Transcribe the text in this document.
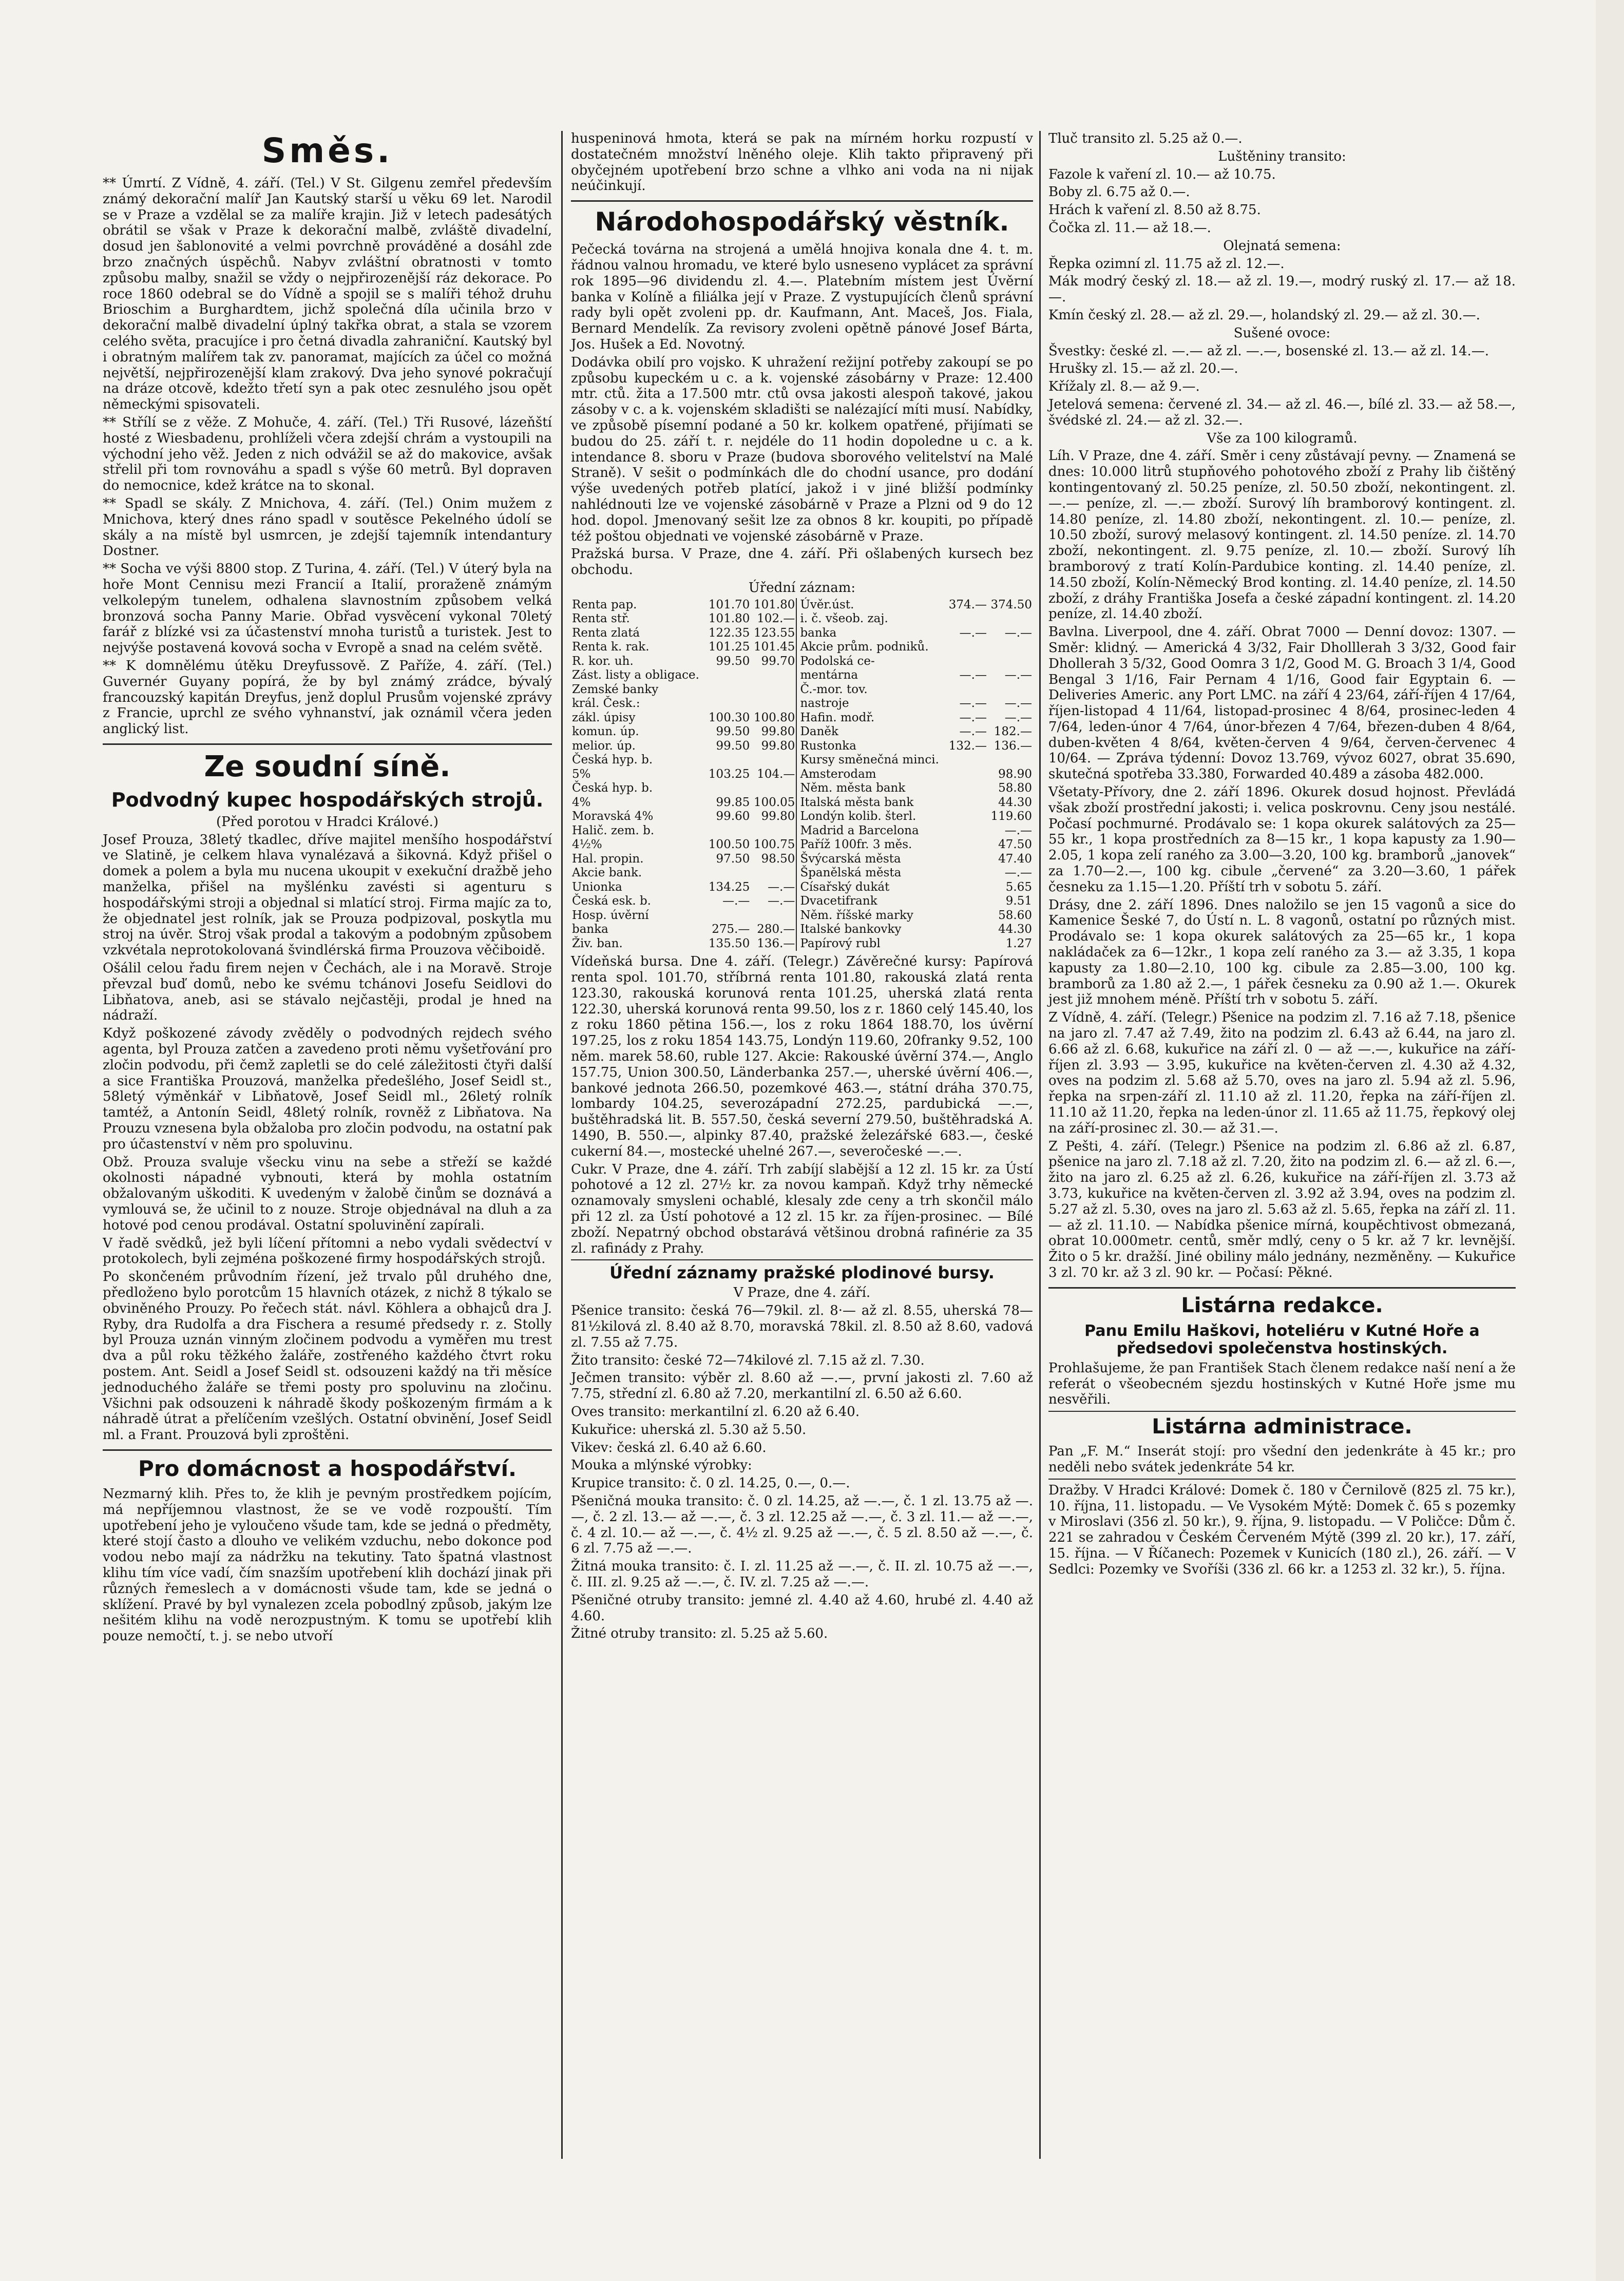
Směs.

** Úmrtí. Z Vídně, 4. září. (Tel.) V St. Gilgenu zemřel především známý dekorační malíř Jan Kautský starší u věku 69 let. Narodil se v Praze a vzdělal se za malíře krajin. Již v letech padesátých obrátil se však v Praze k dekorační malbě, zvláště divadelní, dosud jen šablonovité a velmi povrchně prováděné a dosáhl zde brzo značných úspěchů. Nabyv zvláštní obratnosti v tomto způsobu malby, snažil se vždy o nejpřirozenější ráz dekorace. Po roce 1860 odebral se do Vídně a spojil se s malíři téhož druhu Brioschim a Burghardtem, jichž společná díla učinila brzo v dekorační malbě divadelní úplný takřka obrat, a stala se vzorem celého světa, pracujíce i pro četná divadla zahraniční. Kautský byl i obratným malířem tak zv. panoramat, majících za účel co možná největší, nejpřirozenější klam zrakový. Dva jeho synové pokračují na dráze otcově, kdežto třetí syn a pak otec zesnulého jsou opět německými spisovateli.

** Střílí se z věže. Z Mohuče, 4. září. (Tel.) Tři Rusové, lázeňští hosté z Wiesbadenu, prohlíželi včera zdejší chrám a vystoupili na východní jeho věž. Jeden z nich odvážil se až do makovice, avšak střelil při tom rovnováhu a spadl s výše 60 metrů. Byl dopraven do nemocnice, kdež krátce na to skonal.

** Spadl se skály. Z Mnichova, 4. září. (Tel.) Onim mužem z Mnichova, který dnes ráno spadl v soutěsce Pekelného údolí se skály a na místě byl usmrcen, je zdejší tajemník intendantury Dostner.

** Socha ve výši 8800 stop. Z Turina, 4. září. (Tel.) V úterý byla na hoře Mont Cennisu mezi Francií a Italií, proraženě známým velkolepým tunelem, odhalena slavnostním způsobem velká bronzová socha Panny Marie. Obřad vysvěcení vykonal 70letý farář z blízké vsi za účastenství mnoha turistů a turistek. Jest to nejvýše postavená kovová socha v Evropě a snad na celém světě.

** K domnělému útěku Dreyfussově. Z Paříže, 4. září. (Tel.) Guvernér Guyany popírá, že by byl známý zrádce, bývalý francouzský kapitán Dreyfus, jenž doplul Prusům vojenské zprávy z Francie, uprchl ze svého vyhnanství, jak oznámil včera jeden anglický list.

Ze soudní síně.
Podvodný kupec hospodářských strojů.

(Před porotou v Hradci Králové.)

Josef Prouza, 38letý tkadlec, dříve majitel menšího hospodářství ve Slatině, je celkem hlava vynalézavá a šikovná. Když přišel o domek a polem a byla mu nucena ukoupit v exekuční dražbě jeho manželka, přišel na myšlénku zavésti si agenturu s hospodářskými stroji a objednal si mlatící stroj. Firma majíc za to, že objednatel jest rolník, jak se Prouza podpizoval, poskytla mu stroj na úvěr. Stroj však prodal a takovým a podobným způsobem vzkvétala neprotokolovaná švindlérská firma Prouzova věčiboidě.

Ošálil celou řadu firem nejen v Čechách, ale i na Moravě. Stroje převzal buď domů, nebo ke svému tchánovi Josefu Seidlovi do Libňatova, aneb, asi se stávalo nejčastěji, prodal je hned na nádraží.

Když poškozené závody zvěděly o podvodných rejdech svého agenta, byl Prouza zatčen a zavedeno proti němu vyšetřování pro zločin podvodu, při čemž zapletli se do celé záležitosti čtyři další a sice Františka Prouzová, manželka předešlého, Josef Seidl st., 58letý výměnkář v Libňatově, Josef Seidl ml., 26letý rolník tamtéž, a Antonín Seidl, 48letý rolník, rovněž z Libňatova. Na Prouzu vznesena byla obžaloba pro zločin podvodu, na ostatní pak pro účastenství v něm pro spoluvinu.

Obž. Prouza svaluje všecku vinu na sebe a střeží se každé okolnosti nápadné vybnouti, která by mohla ostatním obžalovaným uškoditi. K uvedeným v žalobě činům se doznává a vymlouvá se, že učinil to z nouze. Stroje objednával na dluh a za hotové pod cenou prodával. Ostatní spoluvinění zapírali.

V řadě svědků, jež byli líčení přítomni a nebo vydali svědectví v protokolech, byli zejména poškozené firmy hospodářských strojů.

Po skončeném průvodním řízení, jež trvalo půl druhého dne, předloženo bylo porotcům 15 hlavních otázek, z nichž 8 týkalo se obviněného Prouzy. Po řečech stát. návl. Köhlera a obhajců dra J. Ryby, dra Rudolfa a dra Fischera a resumé předsedy r. z. Stolly byl Prouza uznán vinným zločinem podvodu a vyměřen mu trest dva a půl roku těžkého žaláře, zostřeného každého čtvrt roku postem. Ant. Seidl a Josef Seidl st. odsouzeni každý na tři měsíce jednoduchého žaláře se třemi posty pro spoluvinu na zločinu. Všichni pak odsouzeni k náhradě škody poškozeným firmám a k náhradě útrat a přelíčením vzešlých. Ostatní obvinění, Josef Seidl ml. a Frant. Prouzová byli zproštěni.

Pro domácnost a hospodářství.

Nezmarný klih. Přes to, že klih je pevným prostředkem pojícím, má nepříjemnou vlastnost, že se ve vodě rozpouští. Tím upotřebení jeho je vyloučeno všude tam, kde se jedná o předměty, které stojí často a dlouho ve velikém vzduchu, nebo dokonce pod vodou nebo mají za nádržku na tekutiny. Tato špatná vlastnost klihu tím více vadí, čím snazším upotřebení klih dochází jinak při různých řemeslech a v domácnosti všude tam, kde se jedná o sklížení. Pravé by byl vynalezen zcela pobodlný způsob, jakým lze nešitém klihu na vodě nerozpustným. K tomu se upotřebí klih pouze nemočtí, t. j. se nebo utvoří

huspeninová hmota, která se pak na mírném horku rozpustí v dostatečném množství lněného oleje. Klih takto připravený při obyčejném upotřebení brzo schne a vlhko ani voda na ni nijak neúčinkují.

Národohospodářský věstník.

Pečecká továrna na strojená a umělá hnojiva konala dne 4. t. m. řádnou valnou hromadu, ve které bylo usneseno vyplácet za správní rok 1895—96 dividendu zl. 4.—. Platebním místem jest Úvěrní banka v Kolíně a filiálka její v Praze. Z vystupujících členů správní rady byli opět zvoleni pp. dr. Kaufmann, Ant. Maceš, Jos. Fiala, Bernard Mendelík. Za revisory zvoleni opětně pánové Josef Bárta, Jos. Hušek a Ed. Novotný.

Dodávka obilí pro vojsko. K uhražení režijní potřeby zakoupí se po způsobu kupeckém u c. a k. vojenské zásobárny v Praze: 12.400 mtr. ctů. žita a 17.500 mtr. ctů ovsa jakosti alespoň takové, jakou zásoby v c. a k. vojenském skladišti se nalézající míti musí. Nabídky, ve způsobě písemní podané a 50 kr. kolkem opatřené, přijímati se budou do 25. září t. r. nejdéle do 11 hodin dopoledne u c. a k. intendance 8. sboru v Praze (budova sborového velitelství na Malé Straně). V sešit o podmínkách dle do chodní usance, pro dodání výše uvedených potřeb platící, jakož i v jiné bližší podmínky nahlédnouti lze ve vojenské zásobárně v Praze a Plzni od 9 do 12 hod. dopol. Jmenovaný sešit lze za obnos 8 kr. koupiti, po případě též poštou objednati ve vojenské zásobárně v Praze.

Pražská bursa. V Praze, dne 4. září. Při ošlabených kursech bez obchodu.

Úřední záznam:

Renta pap.	101.70	101.80	Úvěr.úst.	374.—	374.50
Renta stř.	101.80	102.—	i. č. všeob. zaj.		
Renta zlatá	122.35	123.55	banka	—.—	—.—
Renta k. rak.	101.25	101.45	Akcie prům. podniků.		
R. kor. uh.	99.50	99.70	Podolská ce-		
Zást. listy a obligace.			mentárna	—.—	—.—
Zemské banky			Č.-mor. tov.		
král. Česk.:			nastroje	—.—	—.—
zákl. úpisy	100.30	100.80	Hafin. modř.	—.—	—.—
komun. úp.	99.50	99.80	Daněk	—.—	182.—
melior. úp.	99.50	99.80	Rustonka	132.—	136.—
Česká hyp. b.			Kursy směnečná minci.		
5%	103.25	104.—	Amsterodam		98.90
Česká hyp. b.			Něm. města bank		58.80
4%	99.85	100.05	Italská města bank		44.30
Moravská 4%	99.60	99.80	Londýn kolib. šterl.		119.60
Halič. zem. b.			Madrid a Barcelona		—.—
4½%	100.50	100.75	Paříž 100fr. 3 měs.		47.50
Hal. propin.	97.50	98.50	Švýcarská města		47.40
Akcie bank.			Španělská města		—.—
Unionka	134.25	—.—	Císařský dukát		5.65
Česká esk. b.	—.—	—.—	Dvacetifrank		9.51
Hosp. úvěrní			Něm. říšské marky		58.60
banka	275.—	280.—	Italské bankovky		44.30
Živ. ban.	135.50	136.—	Papírový rubl		1.27

Vídeňská bursa. Dne 4. září. (Telegr.) Závěrečné kursy: Papírová renta spol. 101.70, stříbrná renta 101.80, rakouská zlatá renta 123.30, rakouská korunová renta 101.25, uherská zlatá renta 122.30, uherská korunová renta 99.50, los z r. 1860 celý 145.40, los z roku 1860 pětina 156.—, los z roku 1864 188.70, los úvěrní 197.25, los z roku 1854 143.75, Londýn 119.60, 20franky 9.52, 100 něm. marek 58.60, ruble 127. Akcie: Rakouské úvěrní 374.—, Anglo 157.75, Union 300.50, Länderbanka 257.—, uherské úvěrní 406.—, bankové jednota 266.50, pozemkové 463.—, státní dráha 370.75, lombardy 104.25, severozápadní 272.25, pardubická —.—, buštěhradská lit. B. 557.50, česká severní 279.50, buštěhradská A. 1490, B. 550.—, alpinky 87.40, pražské železářské 683.—, české cukerní 84.—, mostecké uhelné 267.—, severočeské —.—.

Cukr. V Praze, dne 4. září. Trh zabíjí slabější a 12 zl. 15 kr. za Ústí pohotové a 12 zl. 27½ kr. za novou kampaň. Když trhy německé oznamovaly smysleni ochablé, klesaly zde ceny a trh skončil málo při 12 zl. za Ústí pohotové a 12 zl. 15 kr. za říjen-prosinec. — Bílé zboží. Nepatrný obchod obstarává většinou drobná rafinérie za 35 zl. rafinády z Prahy.

Úřední záznamy pražské plodinové bursy.

V Praze, dne 4. září.

Pšenice transito: česká 76—79kil. zl. 8·— až zl. 8.55, uherská 78—81½kilová zl. 8.40 až 8.70, moravská 78kil. zl. 8.50 až 8.60, vadová zl. 7.55 až 7.75.

Žito transito: české 72—74kilové zl. 7.15 až zl. 7.30.

Ječmen transito: výběr zl. 8.60 až —.—, první jakosti zl. 7.60 až 7.75, střední zl. 6.80 až 7.20, merkantilní zl. 6.50 až 6.60.

Oves transito: merkantilní zl. 6.20 až 6.40.

Kukuřice: uherská zl. 5.30 až 5.50.

Vikev: česká zl. 6.40 až 6.60.

Mouka a mlýnské výrobky:

Krupice transito: č. 0 zl. 14.25, 0.—, 0.—.

Pšeničná mouka transito: č. 0 zl. 14.25, až —.—, č. 1 zl. 13.75 až —.—, č. 2 zl. 13.— až —.—, č. 3 zl. 12.25 až —.—, č. 3 zl. 11.— až —.—, č. 4 zl. 10.— až —.—, č. 4½ zl. 9.25 až —.—, č. 5 zl. 8.50 až —.—, č. 6 zl. 7.75 až —.—.

Žitná mouka transito: č. I. zl. 11.25 až —.—, č. II. zl. 10.75 až —.—, č. III. zl. 9.25 až —.—, č. IV. zl. 7.25 až —.—.

Pšeničné otruby transito: jemné zl. 4.40 až 4.60, hrubé zl. 4.40 až 4.60.

Žitné otruby transito: zl. 5.25 až 5.60.

Tluč transito zl. 5.25 až 0.—.

Luštěniny transito:

Fazole k vaření zl. 10.— až 10.75.

Boby zl. 6.75 až 0.—.

Hrách k vaření zl. 8.50 až 8.75.

Čočka zl. 11.— až 18.—.

Olejnatá semena:

Řepka ozimní zl. 11.75 až zl. 12.—.

Mák modrý český zl. 18.— až zl. 19.—, modrý ruský zl. 17.— až 18.—.

Kmín český zl. 28.— až zl. 29.—, holandský zl. 29.— až zl. 30.—.

Sušené ovoce:

Švestky: české zl. —.— až zl. —.—, bosenské zl. 13.— až zl. 14.—.

Hrušky zl. 15.— až zl. 20.—.

Křížaly zl. 8.— až 9.—.

Jetelová semena: červené zl. 34.— až zl. 46.—, bílé zl. 33.— až 58.—, švédské zl. 24.— až zl. 32.—.

Vše za 100 kilogramů.

Líh. V Praze, dne 4. září. Směr i ceny zůstávají pevny. — Znamená se dnes: 10.000 litrů stupňového pohotového zboží z Prahy lib čištěný kontingentovaný zl. 50.25 peníze, zl. 50.50 zboží, nekontingent. zl. —.— peníze, zl. —.— zboží. Surový líh bramborový kontingent. zl. 14.80 peníze, zl. 14.80 zboží, nekontingent. zl. 10.— peníze, zl. 10.50 zboží, surový melasový kontingent. zl. 14.50 peníze. zl. 14.70 zboží, nekontingent. zl. 9.75 peníze, zl. 10.— zboží. Surový líh bramborový z tratí Kolín-Pardubice konting. zl. 14.40 peníze, zl. 14.50 zboží, Kolín-Německý Brod konting. zl. 14.40 peníze, zl. 14.50 zboží, z dráhy Františka Josefa a české západní kontingent. zl. 14.20 peníze, zl. 14.40 zboží.

Bavlna. Liverpool, dne 4. září. Obrat 7000 — Denní dovoz: 1307. — Směr: klidný. — Americká 4 3/32, Fair Dholllerah 3 3/32, Good fair Dhollerah 3 5/32, Good Oomra 3 1/2, Good M. G. Broach 3 1/4, Good Bengal 3 1/16, Fair Pernam 4 1/16, Good fair Egyptain 6. — Deliveries Americ. any Port LMC. na září 4 23/64, září-říjen 4 17/64, říjen-listopad 4 11/64, listopad-prosinec 4 8/64, prosinec-leden 4 7/64, leden-únor 4 7/64, únor-březen 4 7/64, březen-duben 4 8/64, duben-květen 4 8/64, květen-červen 4 9/64, červen-červenec 4 10/64. — Zpráva týdenní: Dovoz 13.769, vývoz 6027, obrat 35.690, skutečná spotřeba 33.380, Forwarded 40.489 a zásoba 482.000.

Všetaty-Přívory, dne 2. září 1896. Okurek dosud hojnost. Převládá však zboží prostřední jakosti; i. velica poskrovnu. Ceny jsou nestálé. Počasí pochmurné. Prodávalo se: 1 kopa okurek salátových za 25—55 kr., 1 kopa prostředních za 8—15 kr., 1 kopa kapusty za 1.90—2.05, 1 kopa zelí raného za 3.00—3.20, 100 kg. bramborů „janovek“ za 1.70—2.—, 100 kg. cibule „červené“ za 3.20—3.60, 1 pářek česneku za 1.15—1.20. Příští trh v sobotu 5. září.

Drásy, dne 2. září 1896. Dnes naložilo se jen 15 vagonů a sice do Kamenice Šeské 7, do Ústí n. L. 8 vagonů, ostatní po různých mist. Prodávalo se: 1 kopa okurek salátových za 25—65 kr., 1 kopa nakládaček za 6—12kr., 1 kopa zelí raného za 3.— až 3.35, 1 kopa kapusty za 1.80—2.10, 100 kg. cibule za 2.85—3.00, 100 kg. bramborů za 1.80 až 2.—, 1 pářek česneku za 0.90 až 1.—. Okurek jest již mnohem méně. Příští trh v sobotu 5. září.

Z Vídně, 4. září. (Telegr.) Pšenice na podzim zl. 7.16 až 7.18, pšenice na jaro zl. 7.47 až 7.49, žito na podzim zl. 6.43 až 6.44, na jaro zl. 6.66 až zl. 6.68, kukuřice na září zl. 0 — až —.—, kukuřice na září-říjen zl. 3.93 — 3.95, kukuřice na květen-červen zl. 4.30 až 4.32, oves na podzim zl. 5.68 až 5.70, oves na jaro zl. 5.94 až zl. 5.96, řepka na srpen-září zl. 11.10 až zl. 11.20, řepka na září-říjen zl. 11.10 až 11.20, řepka na leden-únor zl. 11.65 až 11.75, řepkový olej na září-prosinec zl. 30.— až 31.—.

Z Pešti, 4. září. (Telegr.) Pšenice na podzim zl. 6.86 až zl. 6.87, pšenice na jaro zl. 7.18 až zl. 7.20, žito na podzim zl. 6.— až zl. 6.—, žito na jaro zl. 6.25 až zl. 6.26, kukuřice na září-říjen zl. 3.73 až 3.73, kukuřice na květen-červen zl. 3.92 až 3.94, oves na podzim zl. 5.27 až zl. 5.30, oves na jaro zl. 5.63 až zl. 5.65, řepka na září zl. 11.— až zl. 11.10. — Nabídka pšenice mírná, koupěchtivost obmezaná, obrat 10.000metr. centů, směr mdlý, ceny o 5 kr. až 7 kr. levnější. Žito o 5 kr. dražší. Jiné obiliny málo jednány, nezměněny. — Kukuřice 3 zl. 70 kr. až 3 zl. 90 kr. — Počasí: Pěkné.

Listárna redakce.
Panu Emilu Haškovi, hoteliéru v Kutné Hoře a předsedovi společenstva hostinských.

Prohlašujeme, že pan František Stach členem redakce naší není a že referát o všeobecném sjezdu hostinských v Kutné Hoře jsme mu nesvěřili.

Listárna administrace.

Pan „F. M.“ Inserát stojí: pro všední den jedenkráte à 45 kr.; pro neděli nebo svátek jedenkráte 54 kr.

Dražby. V Hradci Králové: Domek č. 180 v Černilově (825 zl. 75 kr.), 10. října, 11. listopadu. — Ve Vysokém Mýtě: Domek č. 65 s pozemky v Miroslavi (356 zl. 50 kr.), 9. října, 9. listopadu. — V Poličce: Dům č. 221 se zahradou v Českém Červeném Mýtě (399 zl. 20 kr.), 17. září, 15. října. — V Říčanech: Pozemek v Kunicích (180 zl.), 26. září. — V Sedlci: Pozemky ve Svoříši (336 zl. 66 kr. a 1253 zl. 32 kr.), 5. října.
